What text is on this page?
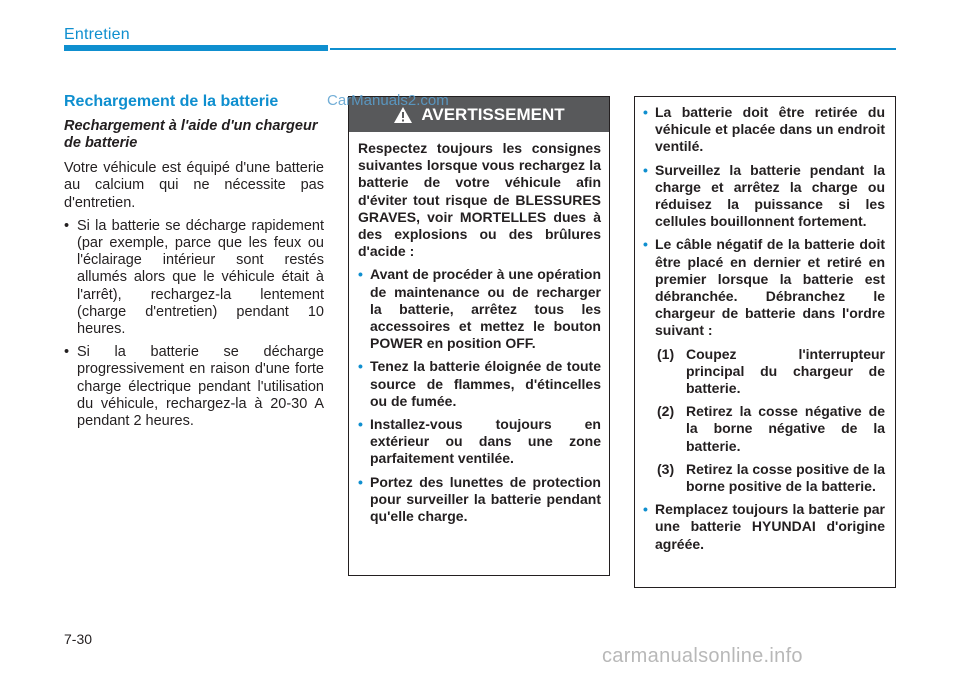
Entretien
Rechargement de la batterie
Rechargement à l'aide d'un chargeur de batterie

Votre véhicule est équipé d'une batterie au calcium qui ne nécessite pas d'entretien.

• Si la batterie se décharge rapidement (par exemple, parce que les feux ou l'éclairage intérieur sont restés allumés alors que le véhicule était à l'arrêt), rechargez-la lentement (charge d'entretien) pendant 10 heures.
• Si la batterie se décharge progressivement en raison d'une forte charge électrique pendant l'utilisation du véhicule, rechargez-la à 20-30 A pendant 2 heures.
AVERTISSEMENT

Respectez toujours les consignes suivantes lorsque vous rechargez la batterie de votre véhicule afin d'éviter tout risque de BLESSURES GRAVES, voir MORTELLES dues à des explosions ou des brûlures d'acide :

• Avant de procéder à une opération de maintenance ou de recharger la batterie, arrêtez tous les accessoires et mettez le bouton POWER en position OFF.
• Tenez la batterie éloignée de toute source de flammes, d'étincelles ou de fumée.
• Installez-vous toujours en extérieur ou dans une zone parfaitement ventilée.
• Portez des lunettes de protection pour surveiller la batterie pendant qu'elle charge.
• La batterie doit être retirée du véhicule et placée dans un endroit ventilé.
• Surveillez la batterie pendant la charge et arrêtez la charge ou réduisez la puissance si les cellules bouillonnent fortement.
• Le câble négatif de la batterie doit être placé en dernier et retiré en premier lorsque la batterie est débranchée. Débranchez le chargeur de batterie dans l'ordre suivant :
(1) Coupez l'interrupteur principal du chargeur de batterie.
(2) Retirez la cosse négative de la borne négative de la batterie.
(3) Retirez la cosse positive de la borne positive de la batterie.
• Remplacez toujours la batterie par une batterie HYUNDAI d'origine agréée.
CarManuals2.com
carmanualsonline.info
7-30
